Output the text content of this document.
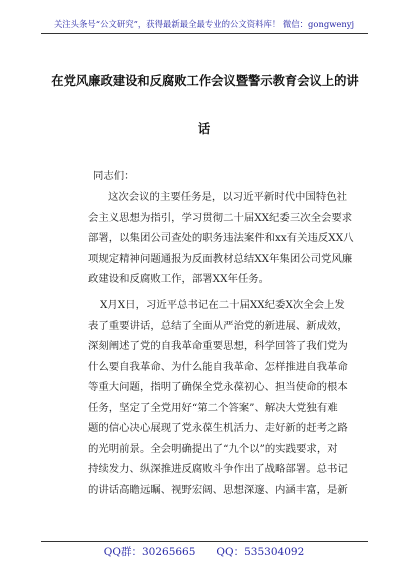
关注头条号“公文研究”，获得最新最全最专业的公文资料库！ 微信：gongwenyj
在党风廉政建设和反腐败工作会议暨警示教育会议上的讲
话
同志们：
这次会议的主要任务是，以习近平新时代中国特色社
会主义思想为指引，学习贯彻二十届XX纪委三次全会要求
部署，以集团公司查处的职务违法案件和xx有关违反XX八
项规定精神问题通报为反面教材总结XX年集团公司党风廉
政建设和反腐败工作，部署XX年任务。
X月X日，习近平总书记在二十届XX纪委X次全会上发
表了重要讲话，总结了全面从严治党的新进展、新成效，
深刻阐述了党的自我革命重要思想，科学回答了我们党为
什么要自我革命、为什么能自我革命、怎样推进自我革命
等重大问题，指明了确保全党永葆初心、担当使命的根本
任务，坚定了全党用好“第二个答案”、解决大党独有难
题的信心决心展现了党永葆生机活力、走好新的赶考之路
的光明前景。全会明确提出了“九个以”的实践要求，对
持续发力、纵深推进反腐败斗争作出了战略部署。总书记
的讲话高瞻远瞩、视野宏阔、思想深邃、内涵丰富，是新
QQ群：30265665　　QQ：535304092
